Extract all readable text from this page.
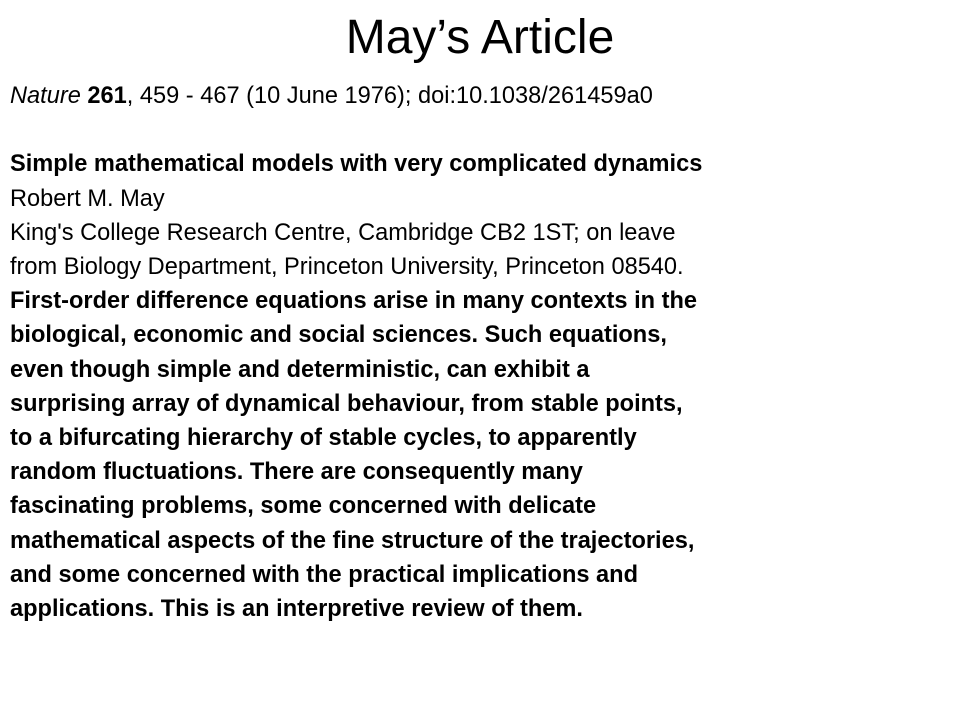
May’s Article

Nature 261, 459 - 467 (10 June 1976); doi:10.1038/261459a0

Simple mathematical models with very complicated dynamics

Robert M. May

King's College Research Centre, Cambridge CB2 1ST; on leave

from Biology Department, Princeton University, Princeton 08540.

First-order difference equations arise in many contexts in the

biological, economic and social sciences. Such equations,

even though simple and deterministic, can exhibit a

surprising array of dynamical behaviour, from stable points,

to a bifurcating hierarchy of stable cycles, to apparently

random fluctuations. There are consequently many

fascinating problems, some concerned with delicate

mathematical aspects of the fine structure of the trajectories,

and some concerned with the practical implications and

applications. This is an interpretive review of them.
